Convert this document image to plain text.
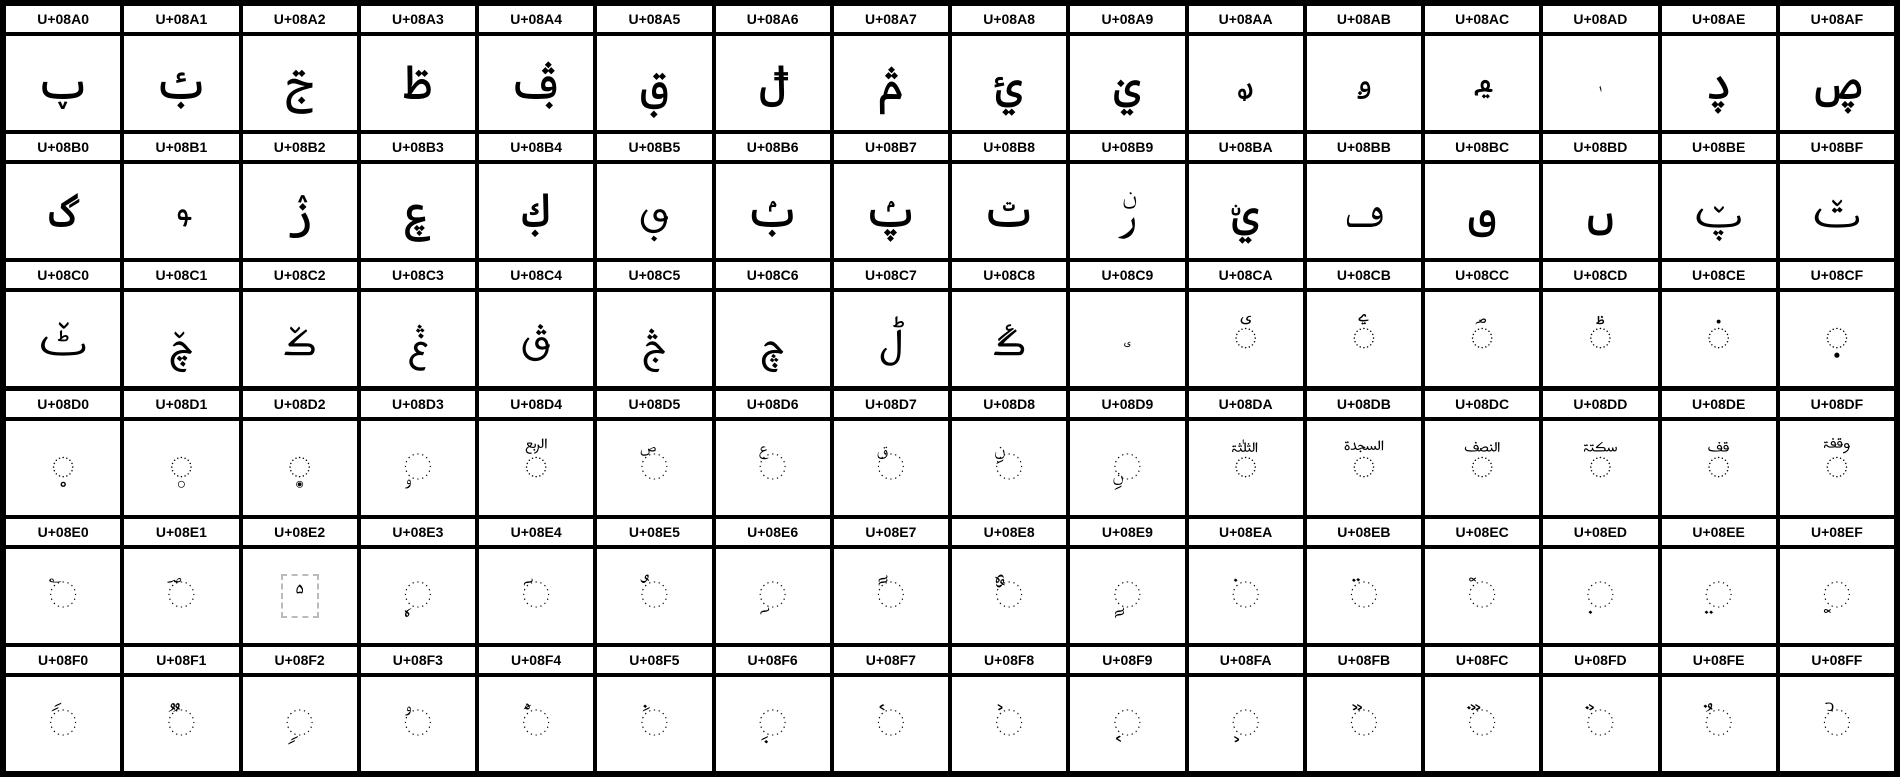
U+08A0
ࢠ
U+08A1
ࢡ
U+08A2
ࢢ
U+08A3
ࢣ
U+08A4
ࢤ
U+08A5
ࢥ
U+08A6
ࢦ
U+08A7
ࢧ
U+08A8
ࢨ
U+08A9
ࢩ
U+08AA
ࢪ
U+08AB
ࢫ
U+08AC
ࢬ
U+08AD
ࢭ
U+08AE
ࢮ
U+08AF
ࢯ
U+08B0
ࢰ
U+08B1
ࢱ
U+08B2
ࢲ
U+08B3
ࢳ
U+08B4
ࢴ
U+08B5
ࢵ
U+08B6
ࢶ
U+08B7
ࢷ
U+08B8
ࢸ
U+08B9
ࢹ
U+08BA
ࢺ
U+08BB
ࢻ
U+08BC
ࢼ
U+08BD
ࢽ
U+08BE
ࢾ
U+08BF
ࢿ
U+08C0
ࣀ
U+08C1
ࣁ
U+08C2
ࣂ
U+08C3
ࣃ
U+08C4
ࣄ
U+08C5
ࣅ
U+08C6
ࣆ
U+08C7
ࣇ
U+08C8
ࣈ
U+08C9
ࣉ
U+08CA
◌࣊
U+08CB
◌࣋
U+08CC
◌࣌
U+08CD
◌࣍
U+08CE
◌࣎
U+08CF
◌࣏
U+08D0
◌࣐
U+08D1
◌࣑
U+08D2
◌࣒
U+08D3
◌࣓
U+08D4
◌ࣔ
U+08D5
◌ࣕ
U+08D6
◌ࣖ
U+08D7
◌ࣗ
U+08D8
◌ࣘ
U+08D9
◌ࣙ
U+08DA
◌ࣚ
U+08DB
◌ࣛ
U+08DC
◌ࣜ
U+08DD
◌ࣝ
U+08DE
◌ࣞ
U+08DF
◌ࣟ
U+08E0
◌࣠
U+08E1
◌࣡
U+08E2
࣢
U+08E3
◌ࣣ
U+08E4
◌ࣤ
U+08E5
◌ࣥ
U+08E6
◌ࣦ
U+08E7
◌ࣧ
U+08E8
◌ࣨ
U+08E9
◌ࣩ
U+08EA
◌࣪
U+08EB
◌࣫
U+08EC
◌࣬
U+08ED
◌࣭
U+08EE
◌࣮
U+08EF
◌࣯
U+08F0
◌ࣰ
U+08F1
◌ࣱ
U+08F2
◌ࣲ
U+08F3
◌ࣳ
U+08F4
◌ࣴ
U+08F5
◌ࣵ
U+08F6
◌ࣶ
U+08F7
◌ࣷ
U+08F8
◌ࣸ
U+08F9
◌ࣹ
U+08FA
◌ࣺ
U+08FB
◌ࣻ
U+08FC
◌ࣼ
U+08FD
◌ࣽ
U+08FE
◌ࣾ
U+08FF
◌ࣿ
